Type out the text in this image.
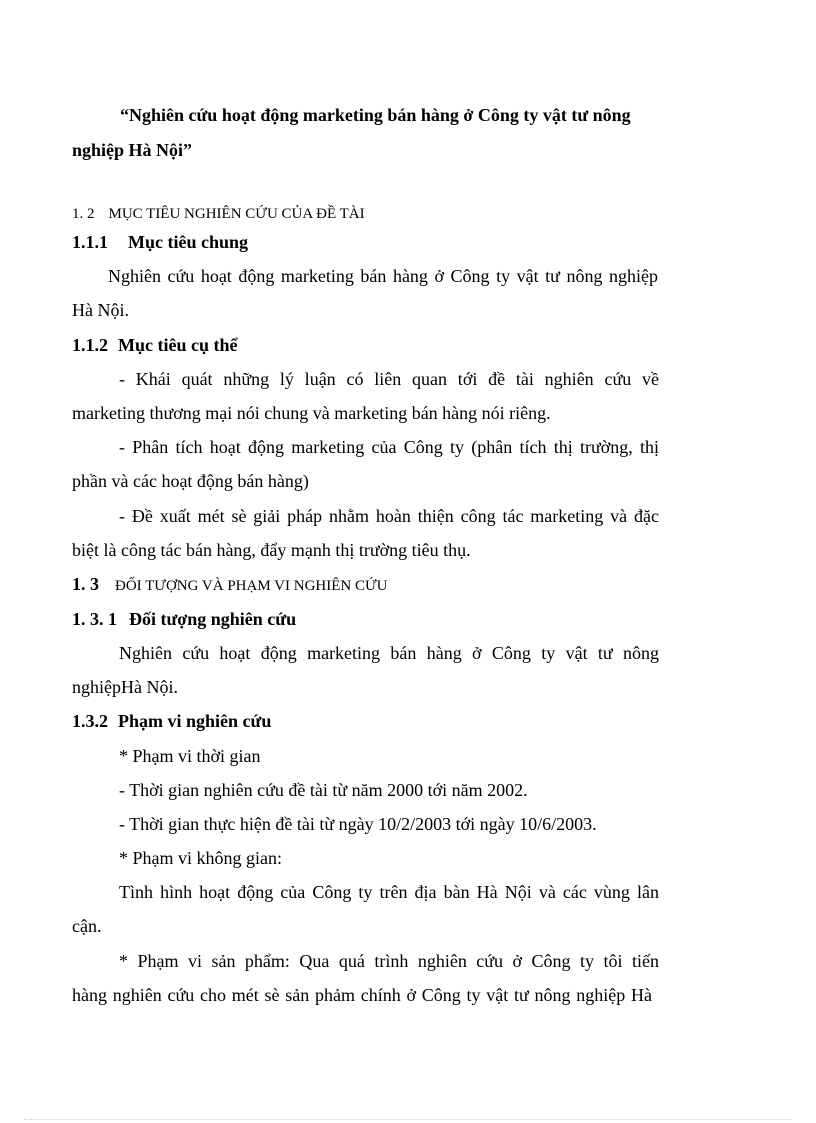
“Nghiên cứu hoạt động marketing bán hàng ở Công ty vật tư nông
nghiệp Hà Nội”
1. 2 MỤC TIÊU NGHIÊN CỨU CỦA ĐỀ TÀI
1.1.1 Mục tiêu chung
Nghiên cứu hoạt động marketing bán hàng ở Công ty vật tư nông nghiệp
Hà Nội.
1.1.2 Mục tiêu cụ thể
- Khái quát những lý luận có liên quan tới đề tài nghiên cứu về
marketing thương mại nói chung và marketing bán hàng nói riêng.
- Phân tích hoạt động marketing của Công ty (phân tích thị trường, thị
phần và các hoạt động bán hàng)
- Đề xuất mét sè giải pháp nhằm hoàn thiện công tác marketing và đặc
biệt là công tác bán hàng, đẩy mạnh thị trường tiêu thụ.
1. 3 ĐỐI TƯỢNG VÀ PHẠM VI NGHIÊN CỨU
1. 3. 1 Đối tượng nghiên cứu
Nghiên cứu hoạt động marketing bán hàng ở Công ty vật tư nông
nghiệpHà Nội.
1.3.2 Phạm vi nghiên cứu
* Phạm vi thời gian
- Thời gian nghiên cứu đề tài từ năm 2000 tới năm 2002.
- Thời gian thực hiện đề tài từ ngày 10/2/2003 tới ngày 10/6/2003.
* Phạm vi không gian:
Tình hình hoạt động của Công ty trên địa bàn Hà Nội và các vùng lân
cận.
* Phạm vi sản phẩm: Qua quá trình nghiên cứu ở Công ty tôi tiến
hàng nghiên cứu cho mét sè sản phảm chính ở Công ty vật tư nông nghiệp Hà
